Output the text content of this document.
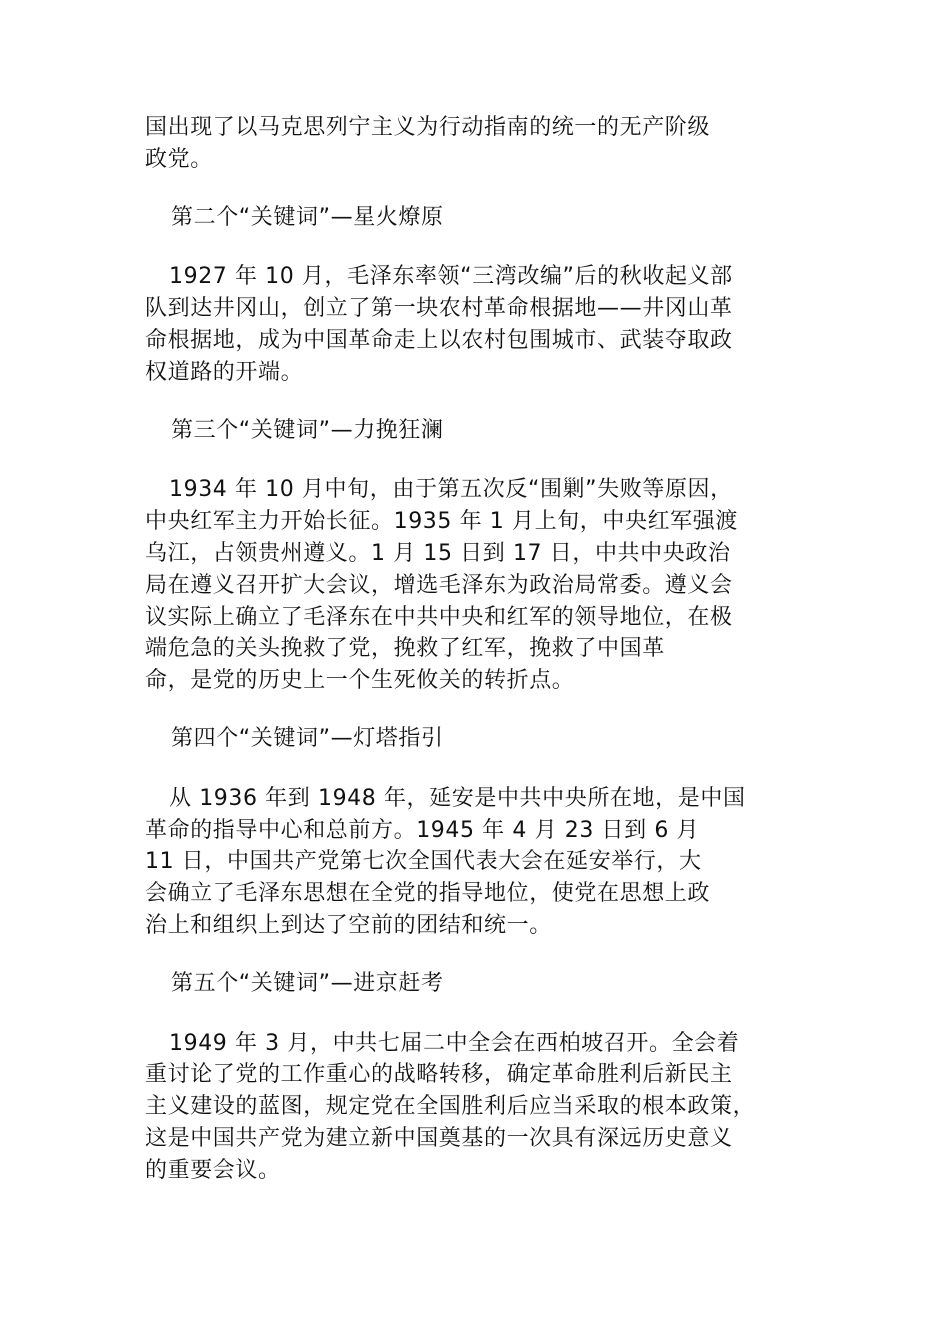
国出现了以马克思列宁主义为行动指南的统一的无产阶级
政党。

第二个“关键词”—星火燎原

1927 年 10 月，毛泽东率领“三湾改编”后的秋收起义部
队到达井冈山，创立了第一块农村革命根据地——井冈山革
命根据地，成为中国革命走上以农村包围城市、武装夺取政
权道路的开端。

第三个“关键词”—力挽狂澜

1934 年 10 月中旬，由于第五次反“围剿”失败等原因，
中央红军主力开始长征。1935 年 1 月上旬，中央红军强渡
乌江，占领贵州遵义。1 月 15 日到 17 日，中共中央政治
局在遵义召开扩大会议，增选毛泽东为政治局常委。遵义会
议实际上确立了毛泽东在中共中央和红军的领导地位，在极
端危急的关头挽救了党，挽救了红军，挽救了中国革
命，是党的历史上一个生死攸关的转折点。

第四个“关键词”—灯塔指引

从 1936 年到 1948 年，延安是中共中央所在地，是中国
革命的指导中心和总前方。1945 年 4 月 23 日到 6 月
11 日，中国共产党第七次全国代表大会在延安举行，大
会确立了毛泽东思想在全党的指导地位，使党在思想上政
治上和组织上到达了空前的团结和统一。

第五个“关键词”—进京赶考

1949 年 3 月，中共七届二中全会在西柏坡召开。全会着
重讨论了党的工作重心的战略转移，确定革命胜利后新民主
主义建设的蓝图，规定党在全国胜利后应当采取的根本政策，
这是中国共产党为建立新中国奠基的一次具有深远历史意义
的重要会议。
